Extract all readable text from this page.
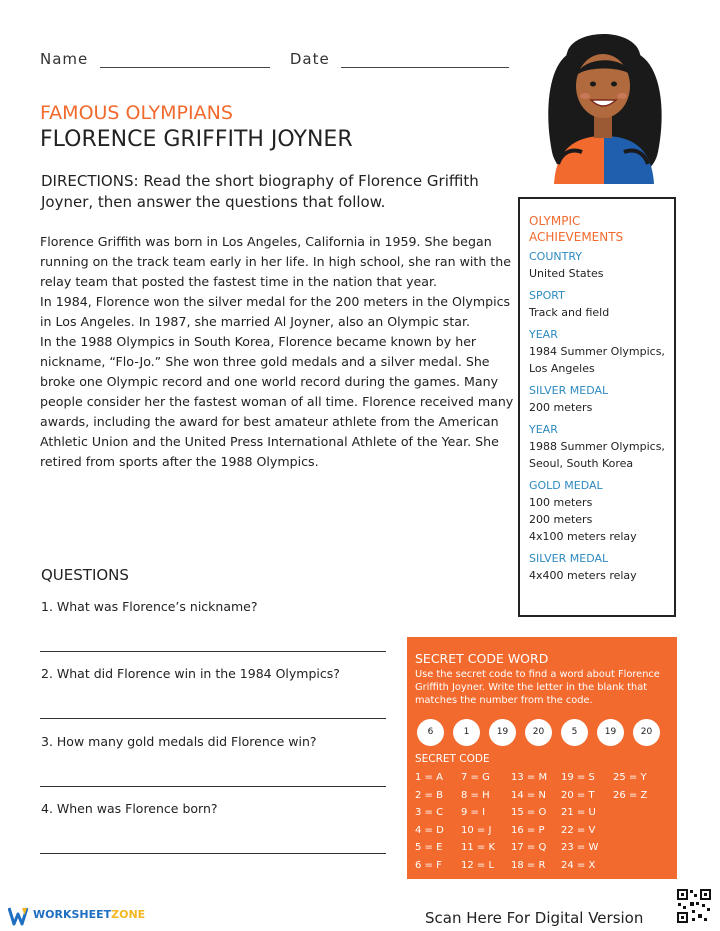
Name	Date
FAMOUS OLYMPIANS
FLORENCE GRIFFITH JOYNER
DIRECTIONS: Read the short biography of Florence Griffith Joyner, then answer the questions that follow.

Florence Griffith was born in Los Angeles, California in 1959. She began running on the track team early in her life. In high school, she ran with the relay team that posted the fastest time in the nation that year.

In 1984, Florence won the silver medal for the 200 meters in the Olympics in Los Angeles. In 1987, she married Al Joyner, also an Olympic star.

In the 1988 Olympics in South Korea, Florence became known by her nickname, “Flo-Jo.” She won three gold medals and a silver medal. She broke one Olympic record and one world record during the games. Many people consider her the fastest woman of all time. Florence received many awards, including the award for best amateur athlete from the American Athletic Union and the United Press International Athlete of the Year. She retired from sports after the 1988 Olympics.

OLYMPIC ACHIEVEMENTS
COUNTRY
United States
SPORT
Track and field
YEAR
1984 Summer Olympics,
Los Angeles
SILVER MEDAL
200 meters
YEAR
1988 Summer Olympics,
Seoul, South Korea
GOLD MEDAL
100 meters
200 meters
4x100 meters relay
SILVER MEDAL
4x400 meters relay
QUESTIONS
1. What was Florence’s nickname?
2. What did Florence win in the 1984 Olympics?
3. How many gold medals did Florence win?
4. When was Florence born?
SECRET CODE WORD
Use the secret code to find a word about Florence Griffith Joyner. Write the letter in the blank that matches the number from the code.
6	1	19	20	5	19	20
SECRET CODE
1 = A
2 = B
3 = C
4 = D
5 = E
6 = F
7 = G
8 = H
9 = I
10 = J
11 = K
12 = L
13 = M
14 = N
15 = O
16 = P
17 = Q
18 = R
19 = S
20 = T
21 = U
22 = V
23 = W
24 = X
25 = Y
26 = Z
WORKSHEETZONE	Scan Here For Digital Version
